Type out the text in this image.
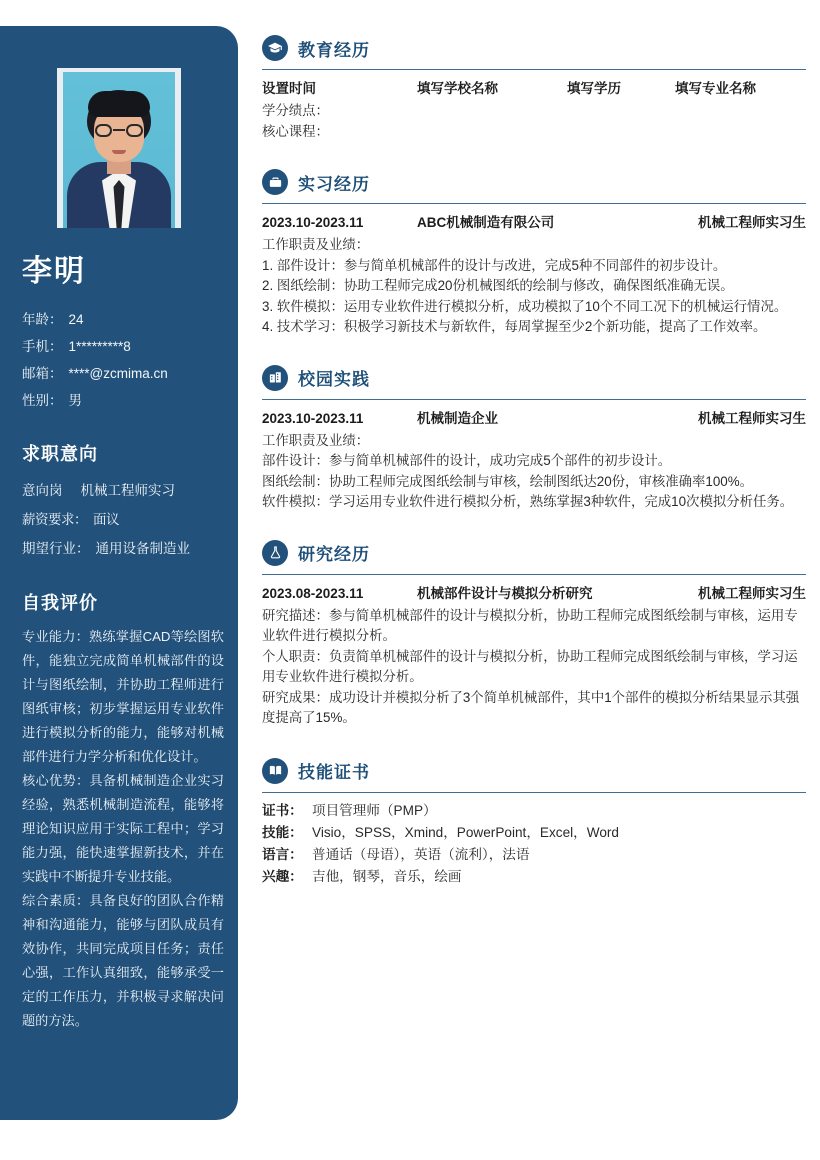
李明
年龄： 24
手机： 1*********8
邮箱： ****@zcmima.cn
性别： 男
求职意向
意向岗 机械工程师实习
薪资要求： 面议
期望行业： 通用设备制造业
自我评价

专业能力：熟练掌握CAD等绘图软件，能独立完成简单机械部件的设计与图纸绘制，并协助工程师进行图纸审核；初步掌握运用专业软件进行模拟分析的能力，能够对机械部件进行力学分析和优化设计。

核心优势：具备机械制造企业实习经验，熟悉机械制造流程，能够将理论知识应用于实际工程中；学习能力强，能快速掌握新技术，并在实践中不断提升专业技能。

综合素质：具备良好的团队合作精神和沟通能力，能够与团队成员有效协作，共同完成项目任务；责任心强，工作认真细致，能够承受一定的工作压力，并积极寻求解决问题的方法。

教育经历
设置时间	填写学校名称	填写学历	填写专业名称

学分绩点：

核心课程：

实习经历
2023.10-2023.11	ABC机械制造有限公司	机械工程师实习生

工作职责及业绩：

1. 部件设计：参与简单机械部件的设计与改进，完成5种不同部件的初步设计。

2. 图纸绘制：协助工程师完成20份机械图纸的绘制与修改，确保图纸准确无误。

3. 软件模拟：运用专业软件进行模拟分析，成功模拟了10个不同工况下的机械运行情况。

4. 技术学习：积极学习新技术与新软件，每周掌握至少2个新功能，提高了工作效率。

校园实践
2023.10-2023.11	机械制造企业	机械工程师实习生

工作职责及业绩：

部件设计：参与简单机械部件的设计，成功完成5个部件的初步设计。

图纸绘制：协助工程师完成图纸绘制与审核，绘制图纸达20份，审核准确率100%。

软件模拟：学习运用专业软件进行模拟分析，熟练掌握3种软件，完成10次模拟分析任务。

研究经历
2023.08-2023.11	机械部件设计与模拟分析研究	机械工程师实习生

研究描述：参与简单机械部件的设计与模拟分析，协助工程师完成图纸绘制与审核，运用专业软件进行模拟分析。

个人职责：负责简单机械部件的设计与模拟分析，协助工程师完成图纸绘制与审核，学习运用专业软件进行模拟分析。

研究成果：成功设计并模拟分析了3个简单机械部件，其中1个部件的模拟分析结果显示其强度提高了15%。

技能证书
证书： 项目管理师（PMP）
技能： Visio，SPSS，Xmind，PowerPoint，Excel，Word
语言： 普通话（母语），英语（流利），法语
兴趣： 吉他，钢琴，音乐，绘画
